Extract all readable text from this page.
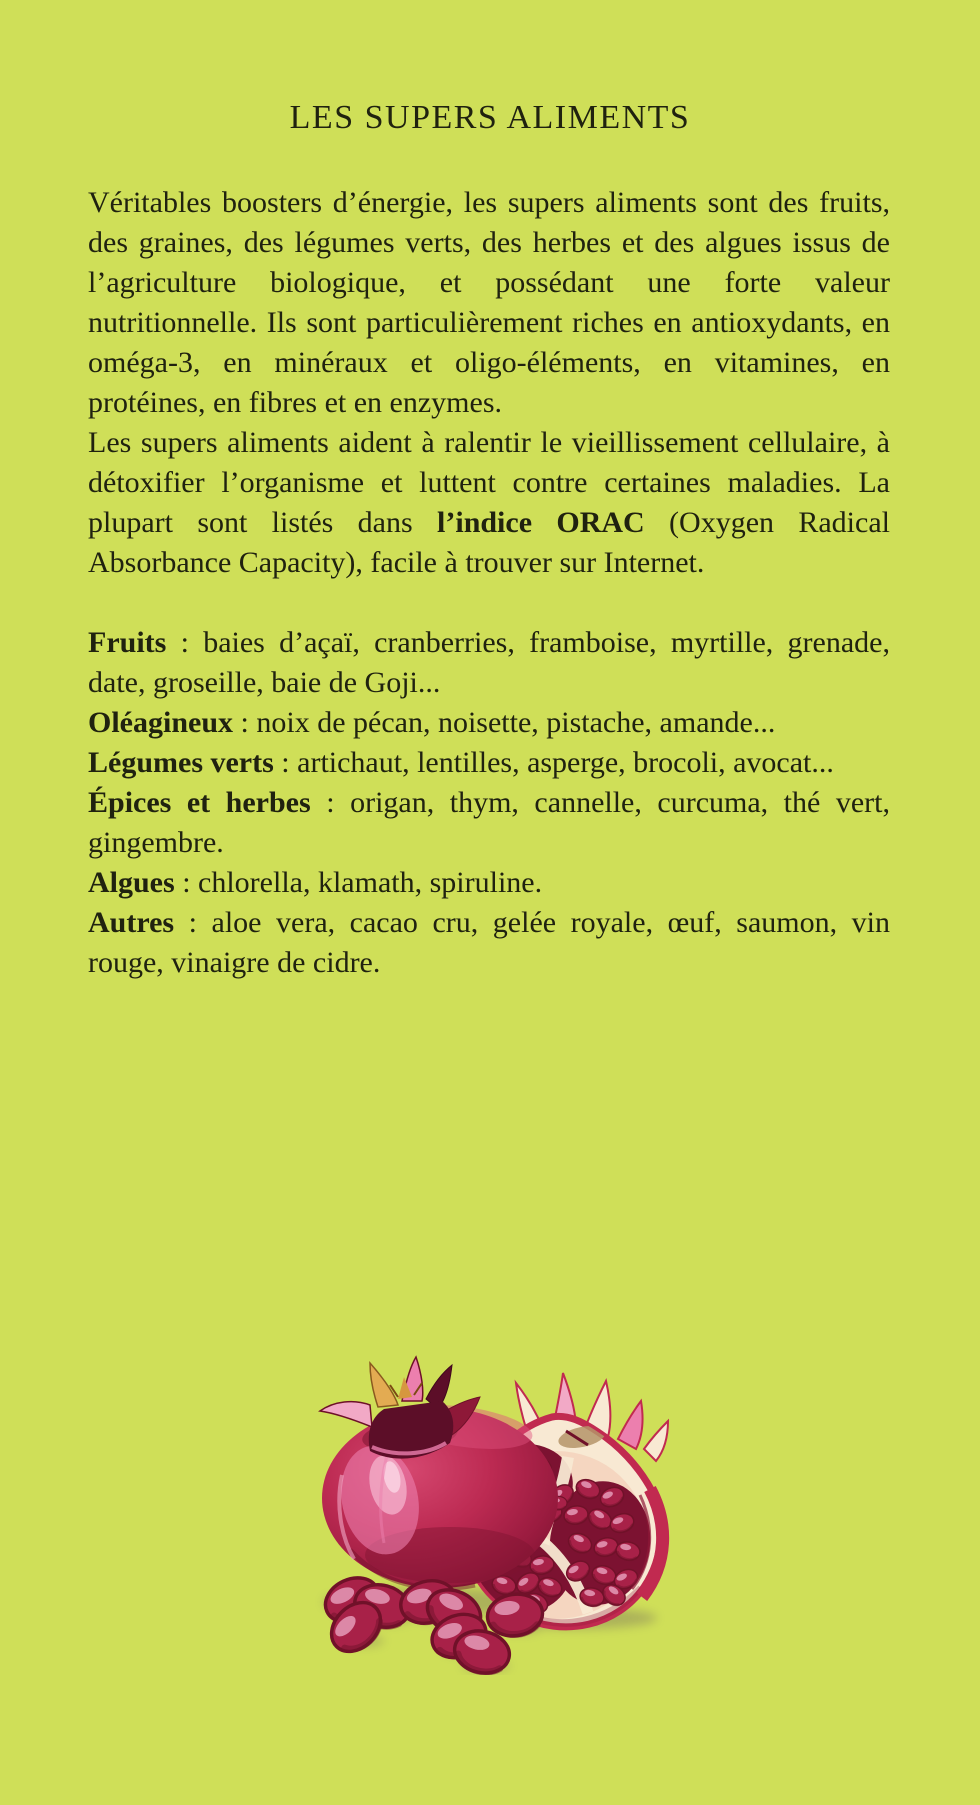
LES SUPERS ALIMENTS

Véritables boosters d’énergie, les supers aliments sont des fruits, des graines, des légumes verts, des herbes et des algues issus de l’agriculture biologique, et possédant une forte valeur nutritionnelle. Ils sont particulièrement riches en antioxydants, en oméga-3, en minéraux et oligo-éléments, en vitamines, en protéines, en fibres et en enzymes.

Les supers aliments aident à ralentir le vieillissement cellulaire, à détoxifier l’organisme et luttent contre certaines maladies. La plupart sont listés dans l’indice ORAC (Oxygen Radical Absorbance Capacity), facile à trouver sur Internet.

Fruits : baies d’açaï, cranberries, framboise, myrtille, grenade, date, groseille, baie de Goji...

Oléagineux : noix de pécan, noisette, pistache, amande...

Légumes verts : artichaut, lentilles, asperge, brocoli, avocat...

Épices et herbes : origan, thym, cannelle, curcuma, thé vert, gingembre.

Algues : chlorella, klamath, spiruline.

Autres : aloe vera, cacao cru, gelée royale, œuf, saumon, vin rouge, vinaigre de cidre.
